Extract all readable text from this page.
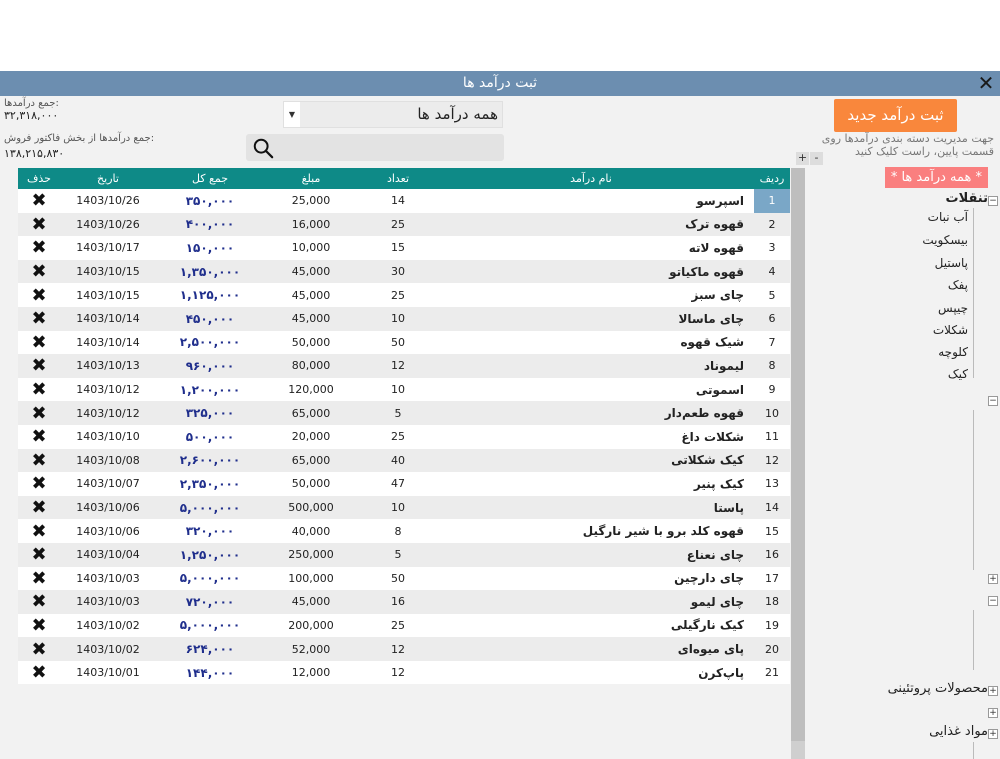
ثبت درآمد ها	✕
جمع درآمدها:
۳۲,۳۱۸,۰۰۰
جمع درآمدها از بخش فاکتور فروش:
۱۳۸,۲۱۵,۸۳۰
▼	همه درآمد ها	ثبت درآمد جدید
جهت مدیریت دسته بندی درآمدها روی قسمت پایین، راست کلیک کنید
+ -
حذف	تاریخ	جمع کل	مبلغ	تعداد	نام درآمد	ردیف
✖	1403/10/26	۳۵۰,۰۰۰	25,000	14	اسپرسو	1
✖	1403/10/26	۴۰۰,۰۰۰	16,000	25	قهوه ترک	2
✖	1403/10/17	۱۵۰,۰۰۰	10,000	15	قهوه لاته	3
✖	1403/10/15	۱,۳۵۰,۰۰۰	45,000	30	قهوه ماکیاتو	4
✖	1403/10/15	۱,۱۲۵,۰۰۰	45,000	25	چای سبز	5
✖	1403/10/14	۴۵۰,۰۰۰	45,000	10	چای ماسالا	6
✖	1403/10/14	۲,۵۰۰,۰۰۰	50,000	50	شیک قهوه	7
✖	1403/10/13	۹۶۰,۰۰۰	80,000	12	لیموناد	8
✖	1403/10/12	۱,۲۰۰,۰۰۰	120,000	10	اسموتی	9
✖	1403/10/12	۳۲۵,۰۰۰	65,000	5	قهوه طعم‌دار	10
✖	1403/10/10	۵۰۰,۰۰۰	20,000	25	شکلات داغ	11
✖	1403/10/08	۲,۶۰۰,۰۰۰	65,000	40	کیک شکلاتی	12
✖	1403/10/07	۲,۳۵۰,۰۰۰	50,000	47	کیک پنیر	13
✖	1403/10/06	۵,۰۰۰,۰۰۰	500,000	10	پاستا	14
✖	1403/10/06	۳۲۰,۰۰۰	40,000	8	قهوه کلد برو با شیر نارگیل	15
✖	1403/10/04	۱,۲۵۰,۰۰۰	250,000	5	چای نعناع	16
✖	1403/10/03	۵,۰۰۰,۰۰۰	100,000	50	چای دارچین	17
✖	1403/10/03	۷۲۰,۰۰۰	45,000	16	چای لیمو	18
✖	1403/10/02	۵,۰۰۰,۰۰۰	200,000	25	کیک نارگیلی	19
✖	1403/10/02	۶۲۴,۰۰۰	52,000	12	پای میوه‌ای	20
✖	1403/10/01	۱۴۴,۰۰۰	12,000	12	پاپ‌کرن	21
* همه درآمد ها *
−
تنقلات
آب نبات
بیسکویت
پاستیل
پفک
چیپس
شکلات
کلوچه
کیک
−
+
−
+
محصولات پروتئینی
+
+
مواد غذایی
